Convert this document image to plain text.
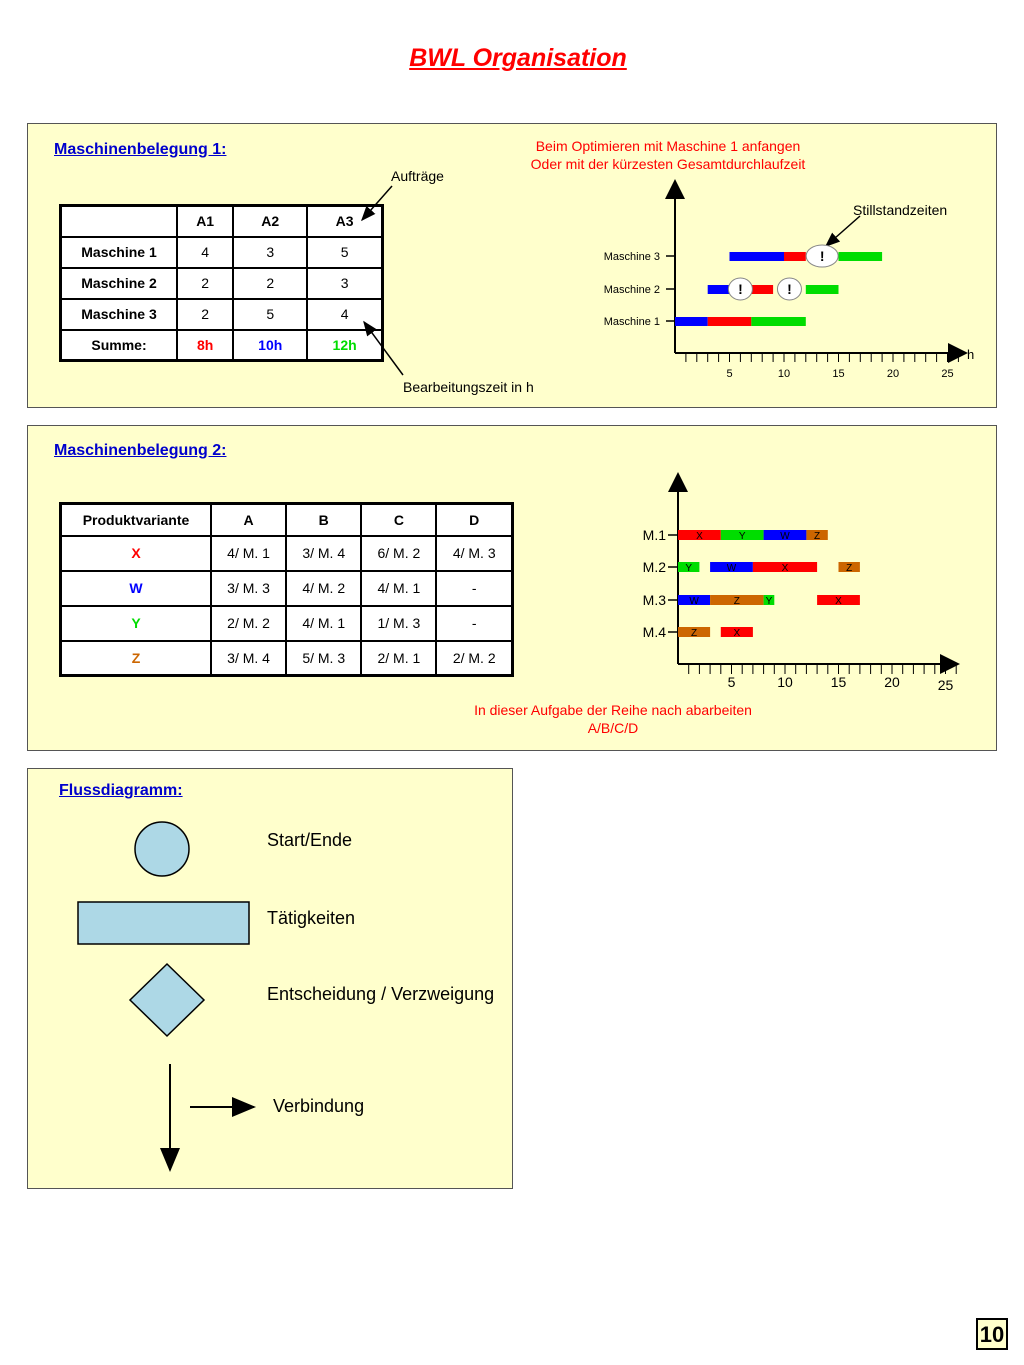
BWL Organisation
Maschinenbelegung 1:	Beim Optimieren mit Maschine 1 anfangen
Oder mit der kürzesten Gesamtdurchlaufzeit
Aufträge
Bearbeitungszeit in h
Stillstandzeiten
	A1	A2	A3
Maschine 1	4	3	5
Maschine 2	2	2	3
Maschine 3	2	5	4
Summe:	8h	10h	12h
h
5	10	15	20	25
Maschine 3
Maschine 2
Maschine 1
!
!	!
Maschinenbelegung 2:
In dieser Aufgabe der Reihe nach abarbeiten
A/B/C/D
Produktvariante	A	B	C	D
X	4/ M. 1	3/ M. 4	6/ M. 2	4/ M. 3
W	3/ M. 3	4/ M. 2	4/ M. 1	-
Y	2/ M. 2	4/ M. 1	1/ M. 3	-
Z	3/ M. 4	5/ M. 3	2/ M. 1	2/ M. 2
5	10	15	20	25
M.1
M.2
M.3
M.4
X	Y	W Z
Y	W	X	Z
W	Z	Y	X
Z	X
Flussdiagramm:
Start/Ende
Tätigkeiten
Entscheidung / Verzweigung
Verbindung
10
